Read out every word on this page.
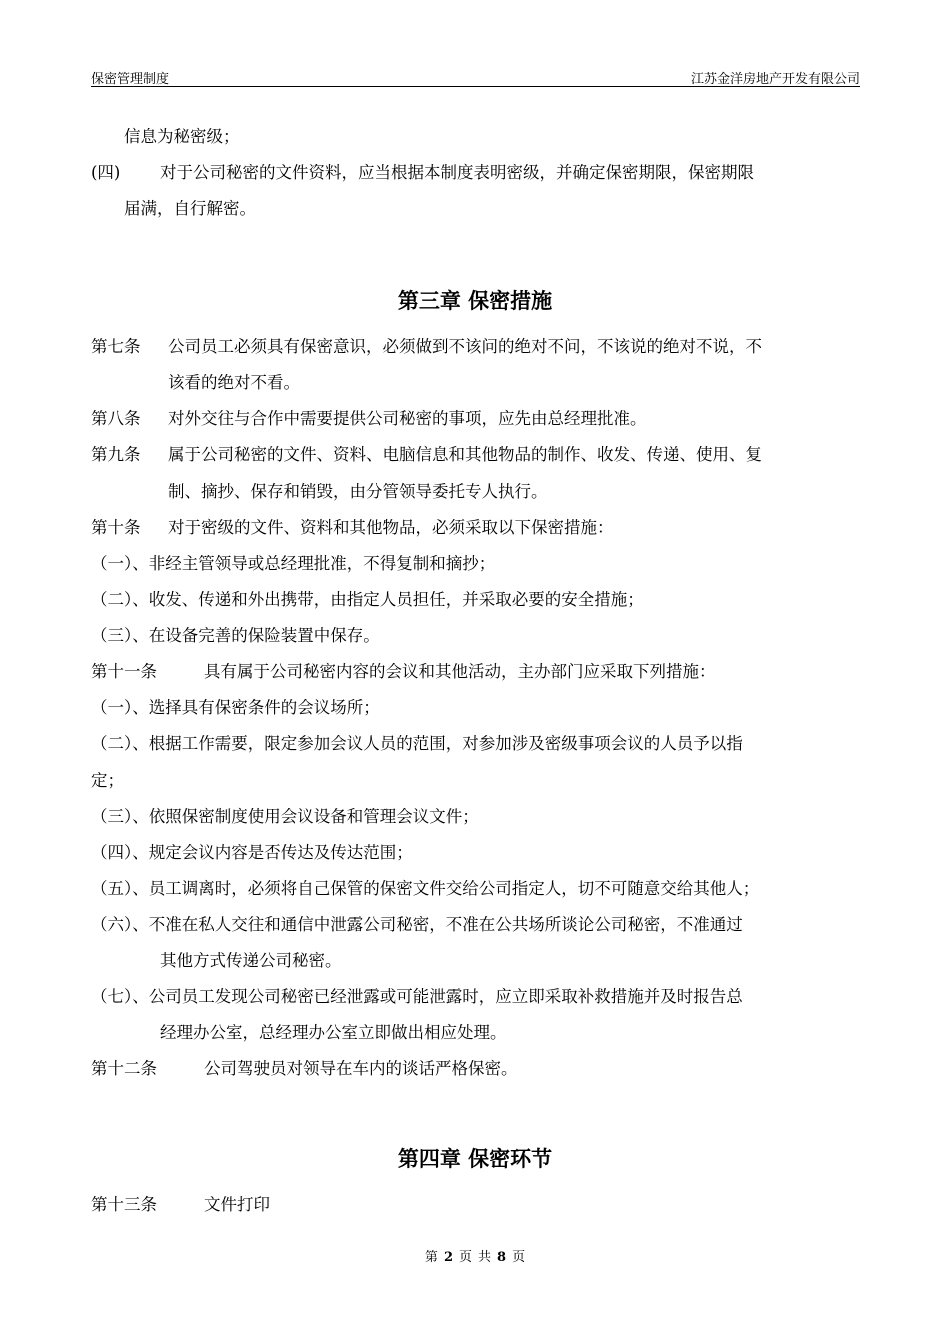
保密管理制度	江苏金洋房地产开发有限公司
信息为秘密级；
(四) 对于公司秘密的文件资料，应当根据本制度表明密级，并确定保密期限，保密期限
届满，自行解密。
第三章 保密措施
第七条 公司员工必须具有保密意识，必须做到不该问的绝对不问，不该说的绝对不说，不
该看的绝对不看。
第八条 对外交往与合作中需要提供公司秘密的事项，应先由总经理批准。
第九条 属于公司秘密的文件、资料、电脑信息和其他物品的制作、收发、传递、使用、复
制、摘抄、保存和销毁，由分管领导委托专人执行。
第十条 对于密级的文件、资料和其他物品，必须采取以下保密措施：
（一）、非经主管领导或总经理批准，不得复制和摘抄；
（二）、收发、传递和外出携带，由指定人员担任，并采取必要的安全措施；
（三）、在设备完善的保险装置中保存。
第十一条	具有属于公司秘密内容的会议和其他活动，主办部门应采取下列措施：
（一）、选择具有保密条件的会议场所；
（二）、根据工作需要，限定参加会议人员的范围，对参加涉及密级事项会议的人员予以指
定；
（三）、依照保密制度使用会议设备和管理会议文件；
（四）、规定会议内容是否传达及传达范围；
（五）、员工调离时，必须将自己保管的保密文件交给公司指定人，切不可随意交给其他人；
（六）、不准在私人交往和通信中泄露公司秘密，不准在公共场所谈论公司秘密，不准通过
其他方式传递公司秘密。
（七）、公司员工发现公司秘密已经泄露或可能泄露时，应立即采取补救措施并及时报告总
经理办公室，总经理办公室立即做出相应处理。
第十二条	公司驾驶员对领导在车内的谈话严格保密。
第四章 保密环节
第十三条	文件打印
第 2 页 共 8 页
